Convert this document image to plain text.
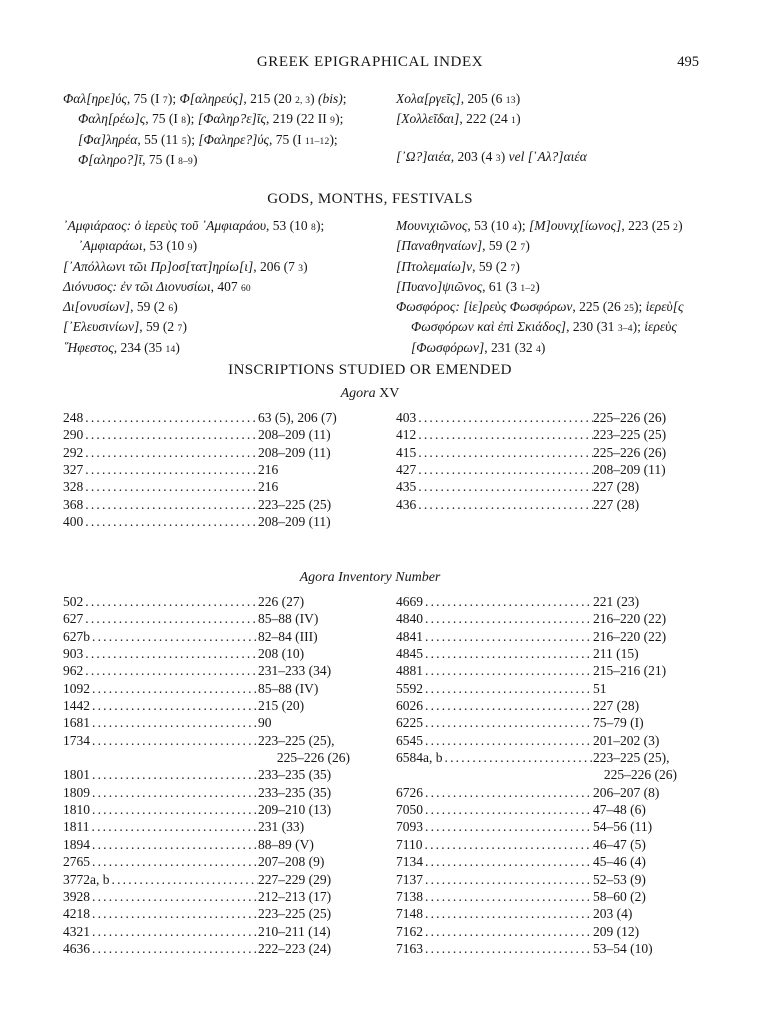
GREEK EPIGRAPHICAL INDEX	495
Φαλ[ηρε]ύς, 75 (I 7); Φ[αληρεύς], 215 (20 2, 3) (bis);
Φαλη[ρέω]ς, 75 (I 8); [Φαληρ?ε]ῖς, 219 (22 II 9);
[Φα]ληρέα, 55 (11 5); [Φαληρε?]ύς, 75 (I 11–12);
Φ[αληρο?]ῖ, 75 (I 8–9)
Χολα[ργεῖς], 205 (6 13)
[Χολλεῖδαι], 222 (24 1)

[᾿Ω?]αιέα, 203 (4 3) vel [῾Αλ?]αιέα
GODS, MONTHS, FESTIVALS
᾿Αμφιάραος: ὁ ἱερεὺς τοῦ ᾿Αμφιαράου, 53 (10 8);
᾿Αμφιαράωι, 53 (10 9)
[᾿Απόλλωνι τῶι Πρ]οσ[τατ]ηρίω[ι], 206 (7 3)
Διόνυσος: ἐν τῶι Διονυσίωι, 407 60
Δι[ονυσίων], 59 (2 6)
[᾿Ελευσινίων], 59 (2 7)
῞Ηφεστος, 234 (35 14)
Μουνιχιῶνος, 53 (10 4); [Μ]ουνιχ[ίωνος], 223 (25 2)
[Παναθηναίων], 59 (2 7)
[Πτολεμαίω]ν, 59 (2 7)
[Πυανο]ψιῶνος, 61 (3 1–2)
Φωσφόρος: [ἱε]ρεὺς Φωσφόρων, 225 (26 25); ἱερεὺ[ς
Φωσφόρων καὶ ἐπὶ Σκιάδος], 230 (31 3–4); ἱερεὺς
[Φωσφόρων], 231 (32 4)
INSCRIPTIONS STUDIED OR EMENDED
Agora XV
248 .....	63 (5), 206 (7)
290 .....	208–209 (11)
292 .....	208–209 (11)
327 .....	216
328 .....	216
368 .....	223–225 (25)
400 .....	208–209 (11)
403 .....	225–226 (26)
412 .....	223–225 (25)
415 .....	225–226 (26)
427 .....	208–209 (11)
435 .....	227 (28)
436 .....	227 (28)
Agora Inventory Number
502 .....	226 (27)
627 .....	85–88 (IV)
627b .....	82–84 (III)
903 .....	208 (10)
962 .....	231–233 (34)
1092 .....	85–88 (IV)
1442 .....	215 (20)
1681 .....	90
1734 .....	223–225 (25),
225–226 (26)
1801 .....	233–235 (35)
1809 .....	233–235 (35)
1810 .....	209–210 (13)
1811 .....	231 (33)
1894 .....	88–89 (V)
2765 .....	207–208 (9)
3772a, b .....	227–229 (29)
3928 .....	212–213 (17)
4218 .....	223–225 (25)
4321 .....	210–211 (14)
4636 .....	222–223 (24)
4669 .....	221 (23)
4840 .....	216–220 (22)
4841 .....	216–220 (22)
4845 .....	211 (15)
4881 .....	215–216 (21)
5592 .....	51
6026 .....	227 (28)
6225 .....	75–79 (I)
6545 .....	201–202 (3)
6584a, b .....	223–225 (25),
225–226 (26)
6726 .....	206–207 (8)
7050 .....	47–48 (6)
7093 .....	54–56 (11)
7110 .....	46–47 (5)
7134 .....	45–46 (4)
7137 .....	52–53 (9)
7138 .....	58–60 (2)
7148 .....	203 (4)
7162 .....	209 (12)
7163 .....	53–54 (10)
